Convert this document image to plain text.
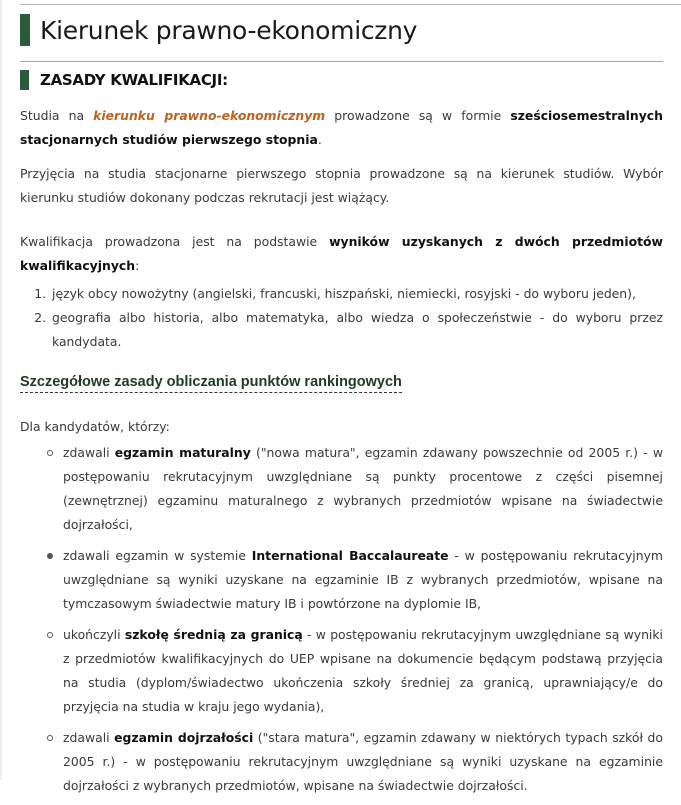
Kierunek prawno-ekonomiczny
ZASADY KWALIFIKACJI:

Studia na kierunku prawno-ekonomicznym prowadzone są w formie sześciosemestralnych stacjonarnych studiów pierwszego stopnia.

Przyjęcia na studia stacjonarne pierwszego stopnia prowadzone są na kierunek studiów. Wybór kierunku studiów dokonany podczas rekrutacji jest wiążący.

Kwalifikacja prowadzona jest na podstawie wyników uzyskanych z dwóch przedmiotów kwalifikacyjnych:

1. język obcy nowożytny (angielski, francuski, hiszpański, niemiecki, rosyjski - do wyboru jeden),
2. geografia albo historia, albo matematyka, albo wiedza o społeczeństwie - do wyboru przez kandydata.
Szczegółowe zasady obliczania punktów rankingowych

Dla kandydatów, którzy:

zdawali egzamin maturalny ("nowa matura", egzamin zdawany powszechnie od 2005 r.) - w postępowaniu rekrutacyjnym uwzględniane są punkty procentowe z części pisemnej (zewnętrznej) egzaminu maturalnego z wybranych przedmiotów wpisane na świadectwie dojrzałości,
zdawali egzamin w systemie International Baccalaureate - w postępowaniu rekrutacyjnym uwzględniane są wyniki uzyskane na egzaminie IB z wybranych przedmiotów, wpisane na tymczasowym świadectwie matury IB i powtórzone na dyplomie IB,
ukończyli szkołę średnią za granicą - w postępowaniu rekrutacyjnym uwzględniane są wyniki z przedmiotów kwalifikacyjnych do UEP wpisane na dokumencie będącym podstawą przyjęcia na studia (dyplom/świadectwo ukończenia szkoły średniej za granicą, uprawniający/e do przyjęcia na studia w kraju jego wydania),
zdawali egzamin dojrzałości ("stara matura", egzamin zdawany w niektórych typach szkół do 2005 r.) - w postępowaniu rekrutacyjnym uwzględniane są wyniki uzyskane na egzaminie dojrzałości z wybranych przedmiotów, wpisane na świadectwie dojrzałości.
